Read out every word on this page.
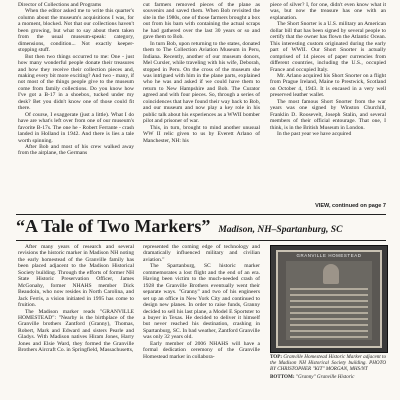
Director of Collections and Programs

When the editor asked me to write this quarter's column about the museum's acquisitions I was, for a moment, blocked. Not that our collections haven't been growing, but what to say about them taken from the usual museum-speak: category, dimensions, condition... Not exactly keeper-stopping stuff.

But then two things occurred to me: One - just how many wonderful people donate their treasures and how they receive their collection pieces and, making every bit more exciting? And two - many, if not most of the things people give to the museum come from family collections. Do you know how I've got a B-17 in a shoebox, tucked under my desk? Bet you didn't know one of those could fit there.

Of course, I exaggerate (just a little). What I do have are what's left over from one of our museum's favorite B-17s. The one he - Robert Ferrante - crash landed in Holland in 1942. And there is lies a tale worth spinning.

After Bob and most of his crew walked away from the airplane, the Germans

cut farmers removed pieces of the plane as souvenirs and saved them. When Bob revisited the site in the 1980s, one of those farmers brought a box out from his barn with containing the actual scraps he had gathered over the last 30 years or so and gave them to Bob.

In turn Bob, upon returning to the states, donated them to The Collection Aviation Museum in Peru, Indiana. Recently, another of our museum donors, Mel Cursler, while traveling with his wife, Deborah, stopped in Peru. On the cross of the museum she was intrigued with him in the plane parts, explained who he was and asked if we could have them to return to New Hampshire and Bob. The Curator agreed and with four pieces. So, through a series of coincidences that have found their way back to Bob, and our museum and now play a key role in his public talk about his experiences as a WWII bomber pilot and prisoner of war.

This, in turn, brought to mind another unusual WW II relic given to us by Everett Arlano of Manchester, NH: his

piece of silver? I, for one, didn't even know what it was, but now the treasure has one with an explanation.

The Short Snorter is a U.S. military an American dollar bill that has been signed by several people to certify that the owner has flown the Atlantic Ocean. This interesting custom originated during the early part of WWII. Our Short Snorter is actually comprised of 14 pieces of paper currencies from different countries, including the U.S., occupied France and occupied Italy.

Mr. Arlano acquired his Short Snorter on a flight from Prague Ireland, Maine to Prestwick, Scotland on October 4, 1943. It is encased in a very well preserved leather wallet.

The most famous Short Snorter from the war years was one signed by Winston Churchill, Franklin D. Roosevelt, Joseph Stalin, and several members of their official entourage. That one, I think, is in the British Museum in London.

In the past year we have acquired

VIEW, continued on page 7
“A Tale of Two Markers” Madison, NH–Spartanburg, SC

After many years of research and several revisions the historic marker in Madison NH noting the early homestead of the Granville family has been placed adjacent to the Madison Historical Society building. Through the efforts of former NH State Historic Preservation Officer, James McGonahy, former NHAHS member Dick Beaudoin, who now resides in North Carolina, and Jack Ferris, a vision initiated in 1995 has come to fruition.

The Madison marker reads "GRANVILLE HOMESTEAD": "Nearby is the birthplace of the Granville brothers Zantford (Granny), Thomas, Robert, Mark and Edward and sisters Pearle and Gladys. With Madison natives Hiram Jones, Harry Jones and Elsie Ward, they formed the Granville Brothers Aircraft Co. in Springfield, Massachusetts,

represented the coming edge of technology and dramatically influenced military and civilian aviation."

The Spartanburg, SC historic marker commemorates a lost flight and the end of an era. Having been victim to the much-needed crash of 1928 the Granville Brothers eventually went their separate ways. "Granny" and two of his engineers set up an office in New York City and continued to design new planes. In order to raise funds, Granny decided to sell his last plane, a Model E Sportster to a buyer in Texas. He decided to deliver it himself but never reached his destination, crashing in Spartanburg, SC. In bad weather, Zantford Granville was only 32 years old.

Early member of 2006 NHAHS will have a formal dedication ceremony of the Granville Homestead marker in collabora-

GRANVILLE HOMESTEAD

TOP: Granville Homestead Historic Marker adjacent to the Madison NH Historical Society building. PHOTO BY CHRISTOPHER "KIT" MORGAN, MHS/NT

BOTTOM: "Granny" Granville Historic
